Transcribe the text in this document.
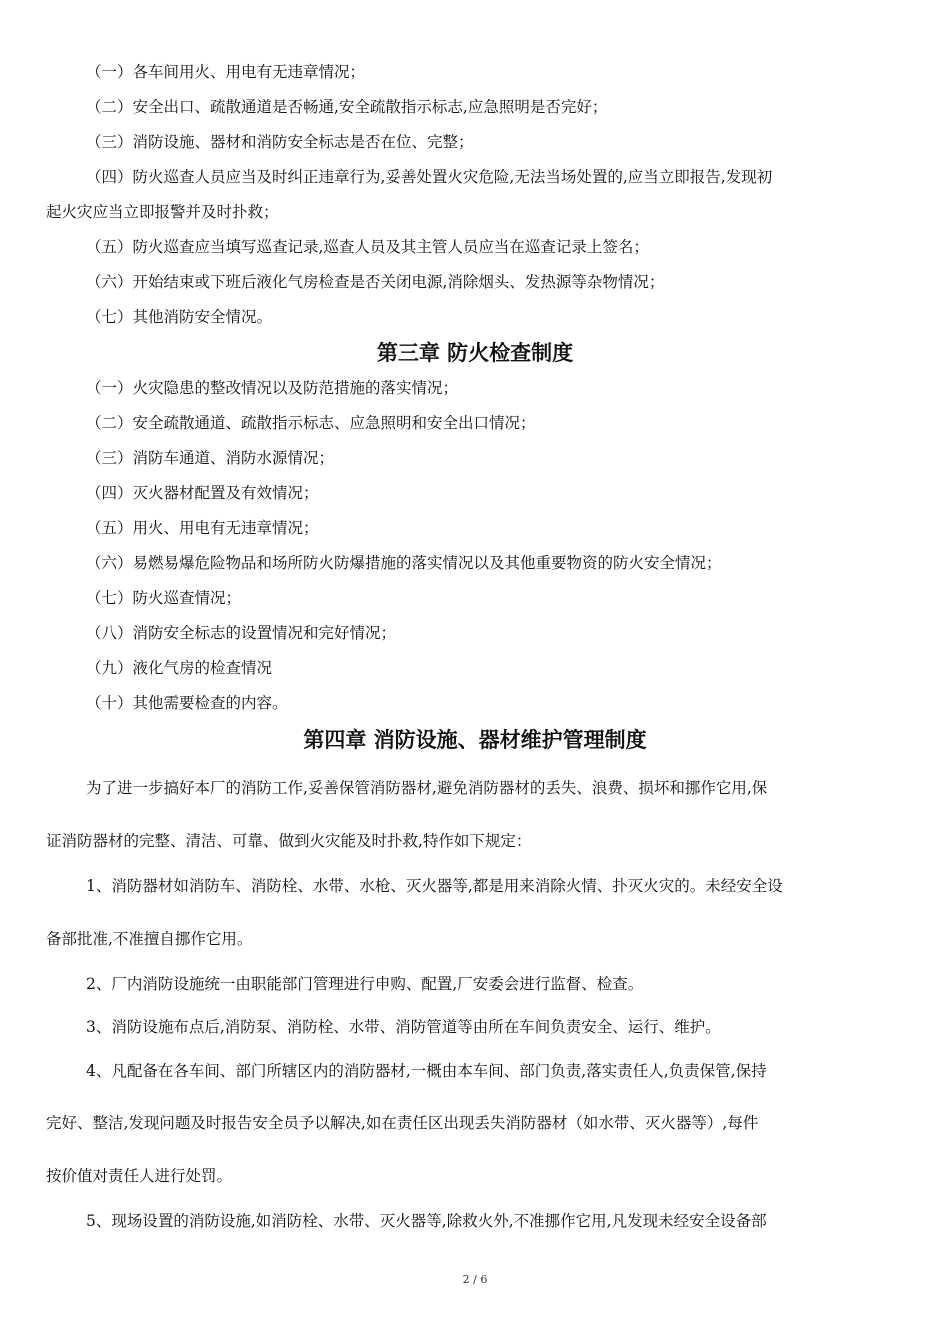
（一）各车间用火、用电有无违章情况；
（二）安全出口、疏散通道是否畅通,安全疏散指示标志,应急照明是否完好；
（三）消防设施、器材和消防安全标志是否在位、完整；
（四）防火巡查人员应当及时纠正违章行为,妥善处置火灾危险,无法当场处置的,应当立即报告,发现初
起火灾应当立即报警并及时扑救；
（五）防火巡查应当填写巡查记录,巡查人员及其主管人员应当在巡查记录上签名；
（六）开始结束或下班后液化气房检查是否关闭电源,消除烟头、发热源等杂物情况；
（七）其他消防安全情况。
第三章 防火检查制度
（一）火灾隐患的整改情况以及防范措施的落实情况；
（二）安全疏散通道、疏散指示标志、应急照明和安全出口情况；
（三）消防车通道、消防水源情况；
（四）灭火器材配置及有效情况；
（五）用火、用电有无违章情况；
（六）易燃易爆危险物品和场所防火防爆措施的落实情况以及其他重要物资的防火安全情况；
（七）防火巡查情况；
（八）消防安全标志的设置情况和完好情况；
（九）液化气房的检查情况
（十）其他需要检查的内容。
第四章 消防设施、器材维护管理制度
为了进一步搞好本厂的消防工作,妥善保管消防器材,避免消防器材的丢失、浪费、损坏和挪作它用,保
证消防器材的完整、清洁、可靠、做到火灾能及时扑救,特作如下规定：
1、消防器材如消防车、消防栓、水带、水枪、灭火器等,都是用来消除火情、扑灭火灾的。未经安全设
备部批准,不准擅自挪作它用。
2、厂内消防设施统一由职能部门管理进行申购、配置,厂安委会进行监督、检查。
3、消防设施布点后,消防泵、消防栓、水带、消防管道等由所在车间负责安全、运行、维护。
4、凡配备在各车间、部门所辖区内的消防器材,一概由本车间、部门负责,落实责任人,负责保管,保持
完好、整洁,发现问题及时报告安全员予以解决,如在责任区出现丢失消防器材（如水带、灭火器等）,每件
按价值对责任人进行处罚。
5、现场设置的消防设施,如消防栓、水带、灭火器等,除救火外,不准挪作它用,凡发现未经安全设备部
2 / 6
